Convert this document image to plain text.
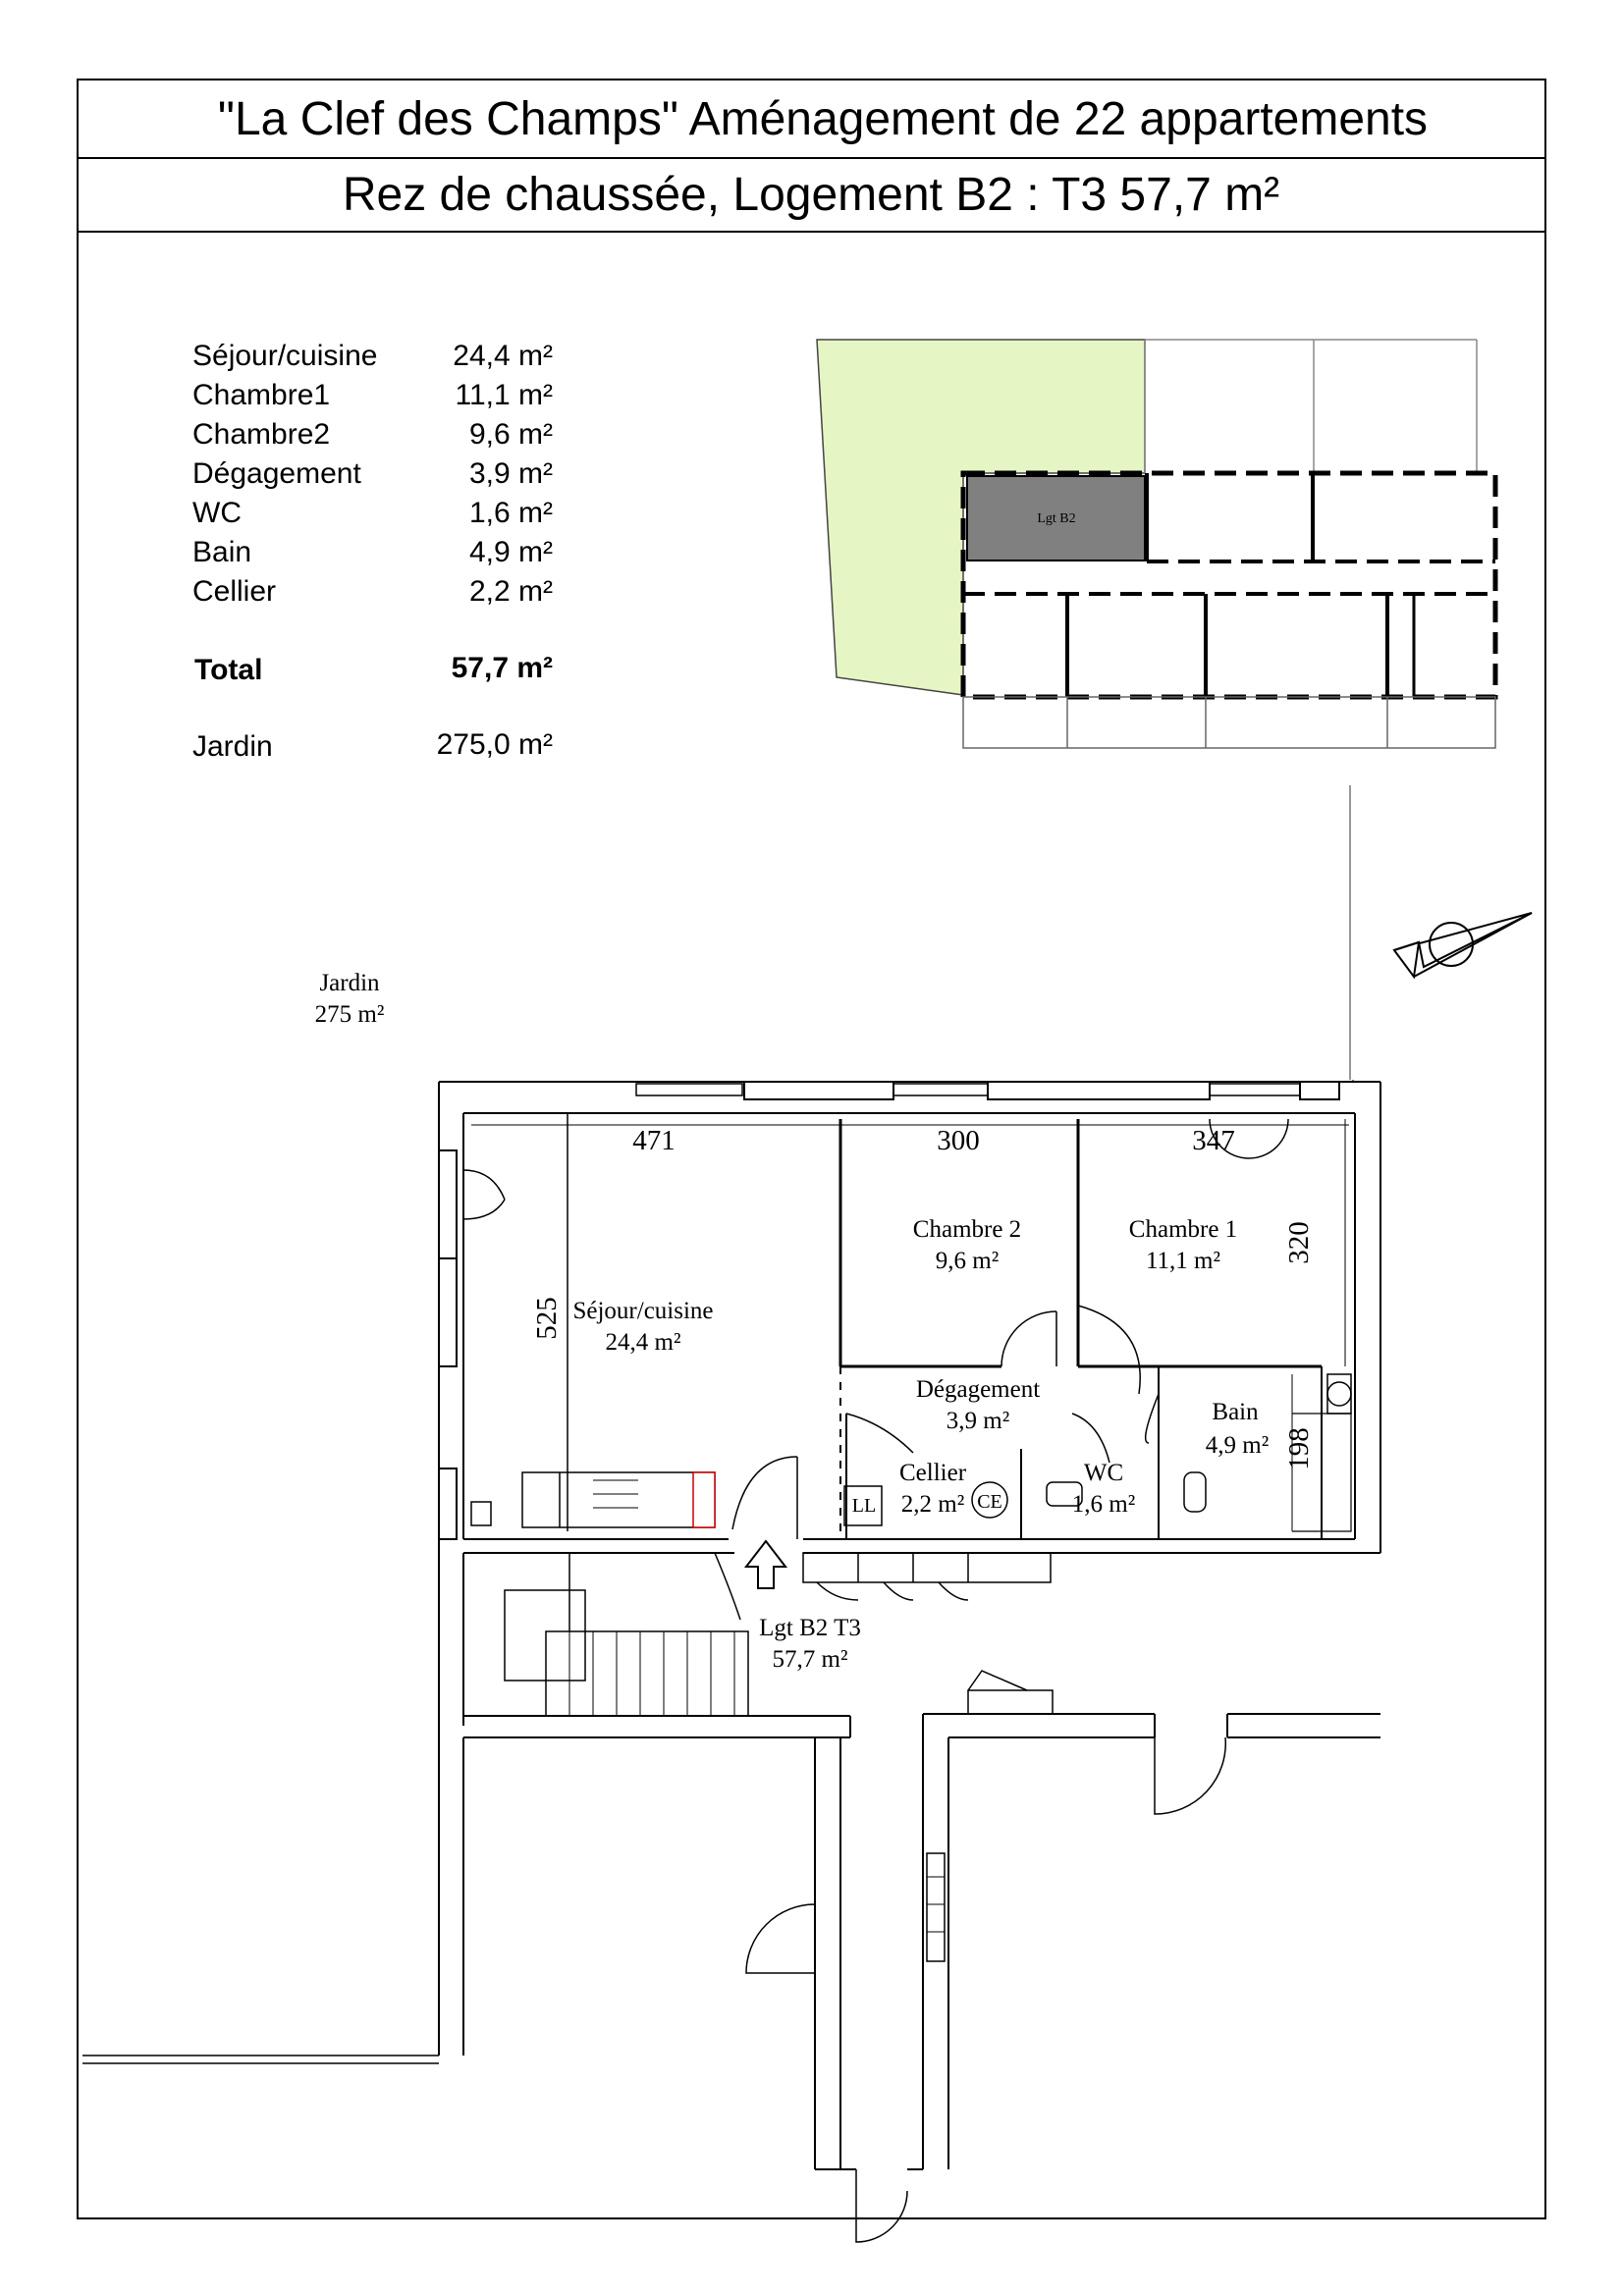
"La Clef des Champs" Aménagement de 22 appartements
Rez de chaussée, Logement B2 : T3 57,7 m²
Séjour/cuisine	24,4 m²
Chambre1	11,1 m²
Chambre2	9,6 m²
Dégagement	3,9 m²
WC	1,6 m²
Bain	4,9 m²
Cellier	2,2 m²
Total	57,7 m²
Jardin	275,0 m²
Lgt B2
Jardin
275 m²
471	300	347
320
525
198
Chambre 2
9,6 m²
Chambre 1
11,1 m²
Séjour/cuisine
24,4 m²
Dégagement
3,9 m²	Bain
4,9 m²
Cellier
2,2 m²
WC
1,6 m²
LL	CE
Lgt B2 T3
57,7 m²
